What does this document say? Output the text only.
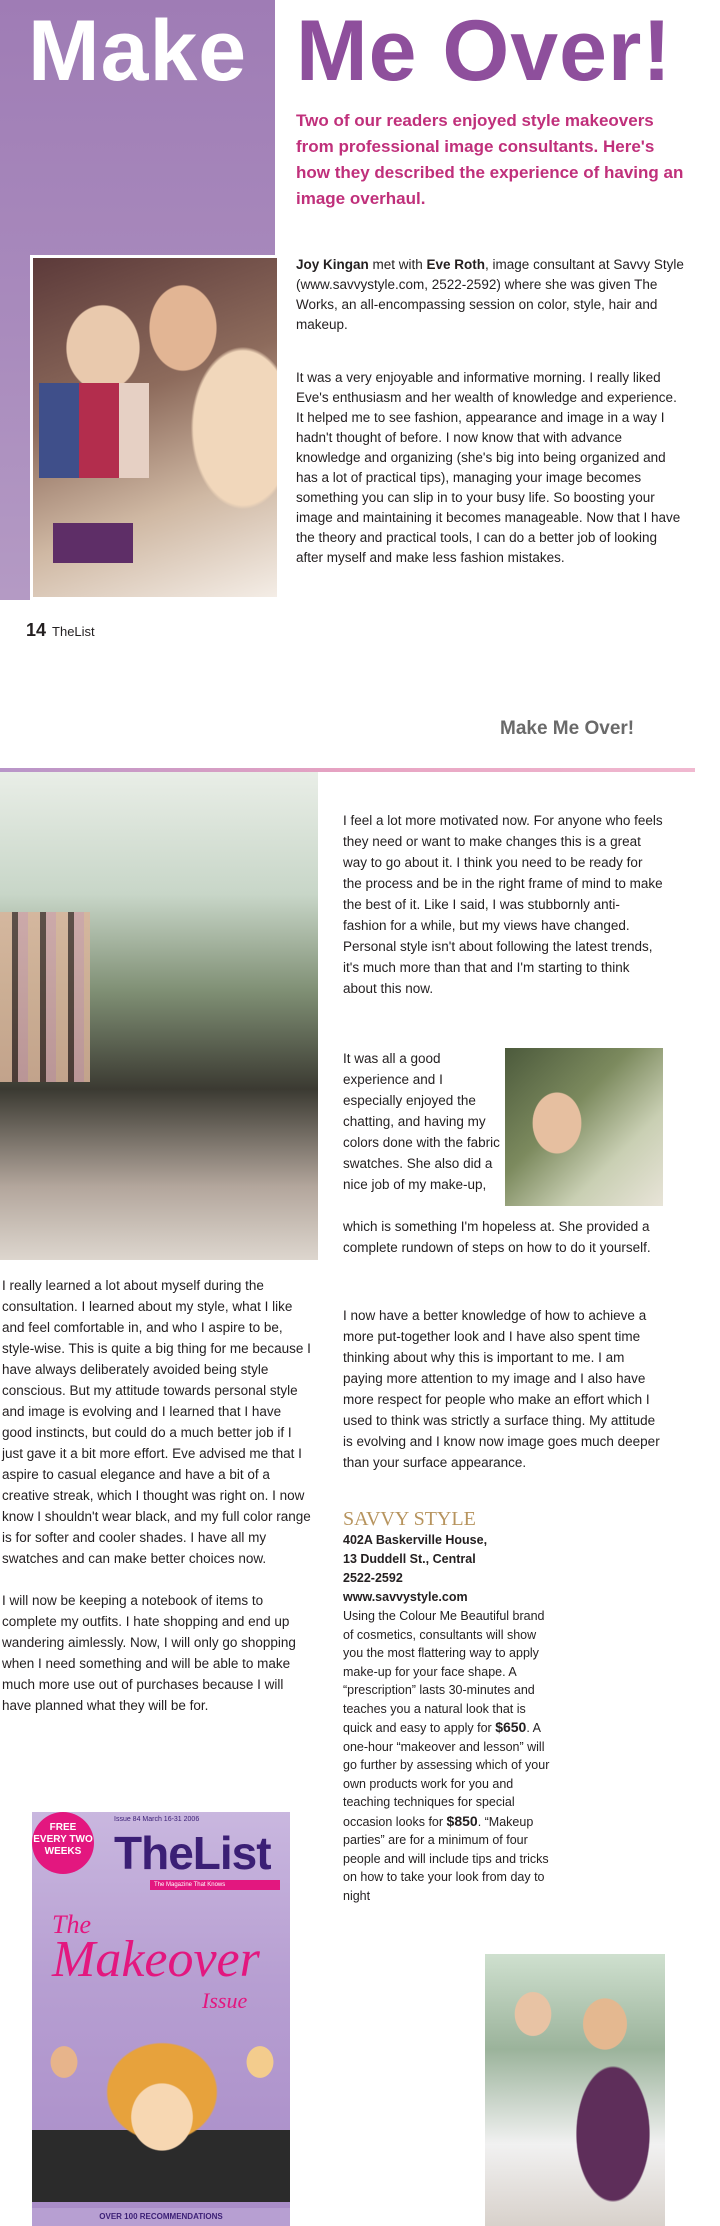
Make Me Over!
Two of our readers enjoyed style makeovers from professional image consultants. Here's how they described the experience of having an image overhaul.
Joy Kingan met with Eve Roth, image consultant at Savvy Style (www.savvystyle.com, 2522-2592) where she was given The Works, an all-encompassing session on color, style, hair and makeup.

It was a very enjoyable and informative morning. I really liked Eve's enthusiasm and her wealth of knowledge and experience. It helped me to see fashion, appearance and image in a way I hadn't thought of before. I now know that with advance knowledge and organizing (she's big into being organized and has a lot of practical tips), managing your image becomes something you can slip in to your busy life. So boosting your image and maintaining it becomes manageable. Now that I have the theory and practical tools, I can do a better job of looking after myself and make less fashion mistakes.

14 TheList
Make Me Over!

I feel a lot more motivated now. For anyone who feels they need or want to make changes this is a great way to go about it. I think you need to be ready for the process and be in the right frame of mind to make the best of it. Like I said, I was stubbornly anti-fashion for a while, but my views have changed. Personal style isn't about following the latest trends, it's much more than that and I'm starting to think about this now.

It was all a good experience and I especially enjoyed the chatting, and having my colors done with the fabric swatches. She also did a nice job of my make-up,
which is something I'm hopeless at. She provided a complete rundown of steps on how to do it yourself.

I now have a better knowledge of how to achieve a more put-together look and I have also spent time thinking about why this is important to me. I am paying more attention to my image and I also have more respect for people who make an effort which I used to think was strictly a surface thing. My attitude is evolving and I know now image goes much deeper than your surface appearance.

I really learned a lot about myself during the consultation. I learned about my style, what I like and feel comfortable in, and who I aspire to be, style-wise. This is quite a big thing for me because I have always deliberately avoided being style conscious. But my attitude towards personal style and image is evolving and I learned that I have good instincts, but could do a much better job if I just gave it a bit more effort. Eve advised me that I aspire to casual elegance and have a bit of a creative streak, which I thought was right on. I now know I shouldn't wear black, and my full color range is for softer and cooler shades. I have all my swatches and can make better choices now.

I will now be keeping a notebook of items to complete my outfits. I hate shopping and end up wandering aimlessly. Now, I will only go shopping when I need something and will be able to make much more use out of purchases because I will have planned what they will be for.

SAVVY STYLE
402A Baskerville House,
13 Duddell St., Central
2522-2592
www.savvystyle.com
Using the Colour Me Beautiful brand of cosmetics, consultants will show you the most flattering way to apply make-up for your face shape. A “prescription” lasts 30-minutes and teaches you a natural look that is quick and easy to apply for $650. A one-hour “makeover and lesson” will go further by assessing which of your own products work for you and teaching techniques for special occasion looks for $850. “Makeup parties” are for a minimum of four people and will include tips and tricks on how to take your look from day to night
FREE EVERY TWO WEEKS
Issue 84 March 16-31 2006
TheList
The Magazine That Knows
The
Makeover
Issue
OVER 100 RECOMMENDATIONS
